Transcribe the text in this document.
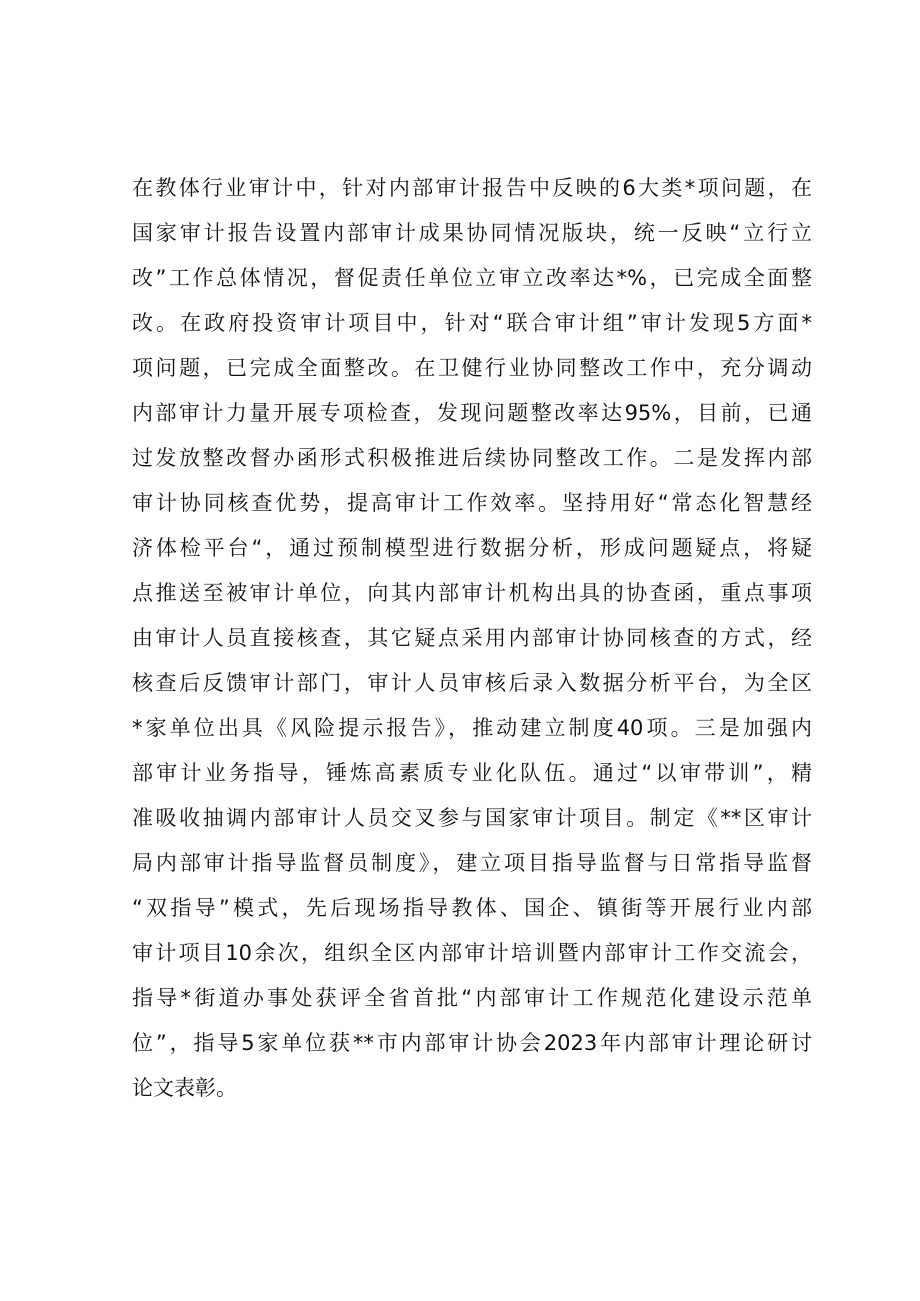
在教体行业审计中，针对内部审计报告中反映的6大类*项问题，在
国家审计报告设置内部审计成果协同情况版块，统一反映“立行立
改”工作总体情况，督促责任单位立审立改率达*%，已完成全面整
改。在政府投资审计项目中，针对“联合审计组”审计发现5方面*
项问题，已完成全面整改。在卫健行业协同整改工作中，充分调动
内部审计力量开展专项检查，发现问题整改率达95%，目前，已通
过发放整改督办函形式积极推进后续协同整改工作。二是发挥内部
审计协同核查优势，提高审计工作效率。坚持用好“常态化智慧经
济体检平台“，通过预制模型进行数据分析，形成问题疑点，将疑
点推送至被审计单位，向其内部审计机构出具的协查函，重点事项
由审计人员直接核查，其它疑点采用内部审计协同核查的方式，经
核查后反馈审计部门，审计人员审核后录入数据分析平台，为全区
*家单位出具《风险提示报告》，推动建立制度40项。三是加强内
部审计业务指导，锤炼高素质专业化队伍。通过“以审带训”，精
准吸收抽调内部审计人员交叉参与国家审计项目。制定《**区审计
局内部审计指导监督员制度》，建立项目指导监督与日常指导监督
“双指导”模式，先后现场指导教体、国企、镇街等开展行业内部
审计项目10余次，组织全区内部审计培训暨内部审计工作交流会，
指导*街道办事处获评全省首批“内部审计工作规范化建设示范单
位”，指导5家单位获**市内部审计协会2023年内部审计理论研讨
论文表彰。
